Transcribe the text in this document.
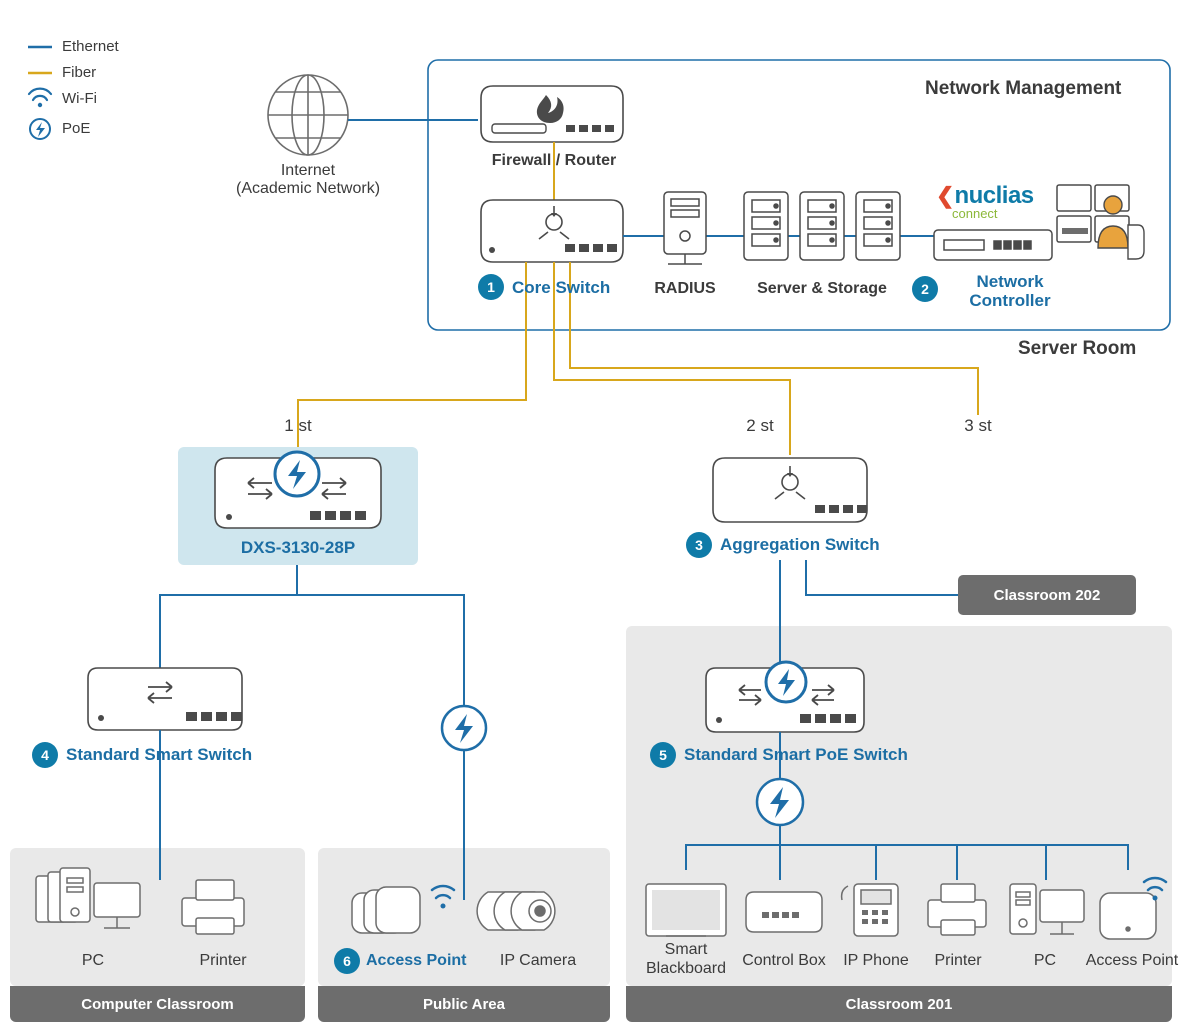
Ethernet
Fiber
Wi-Fi
PoE
Network Management
Server Room
Internet
(Academic Network)
Firewall / Router
1	Core Switch	RADIUS	Server & Storage
❮ nuclias
connect
2	Network
Controller
1 st	2 st	3 st
DXS-3130-28P	3	Aggregation Switch
Classroom 202
4	Standard Smart Switch	5	Standard Smart PoE Switch
PC	Printer	6 Access Point	IP Camera
Smart
Blackboard	Control Box	IP Phone	Printer	PC	Access Point
Computer Classroom	Public Area	Classroom 201
